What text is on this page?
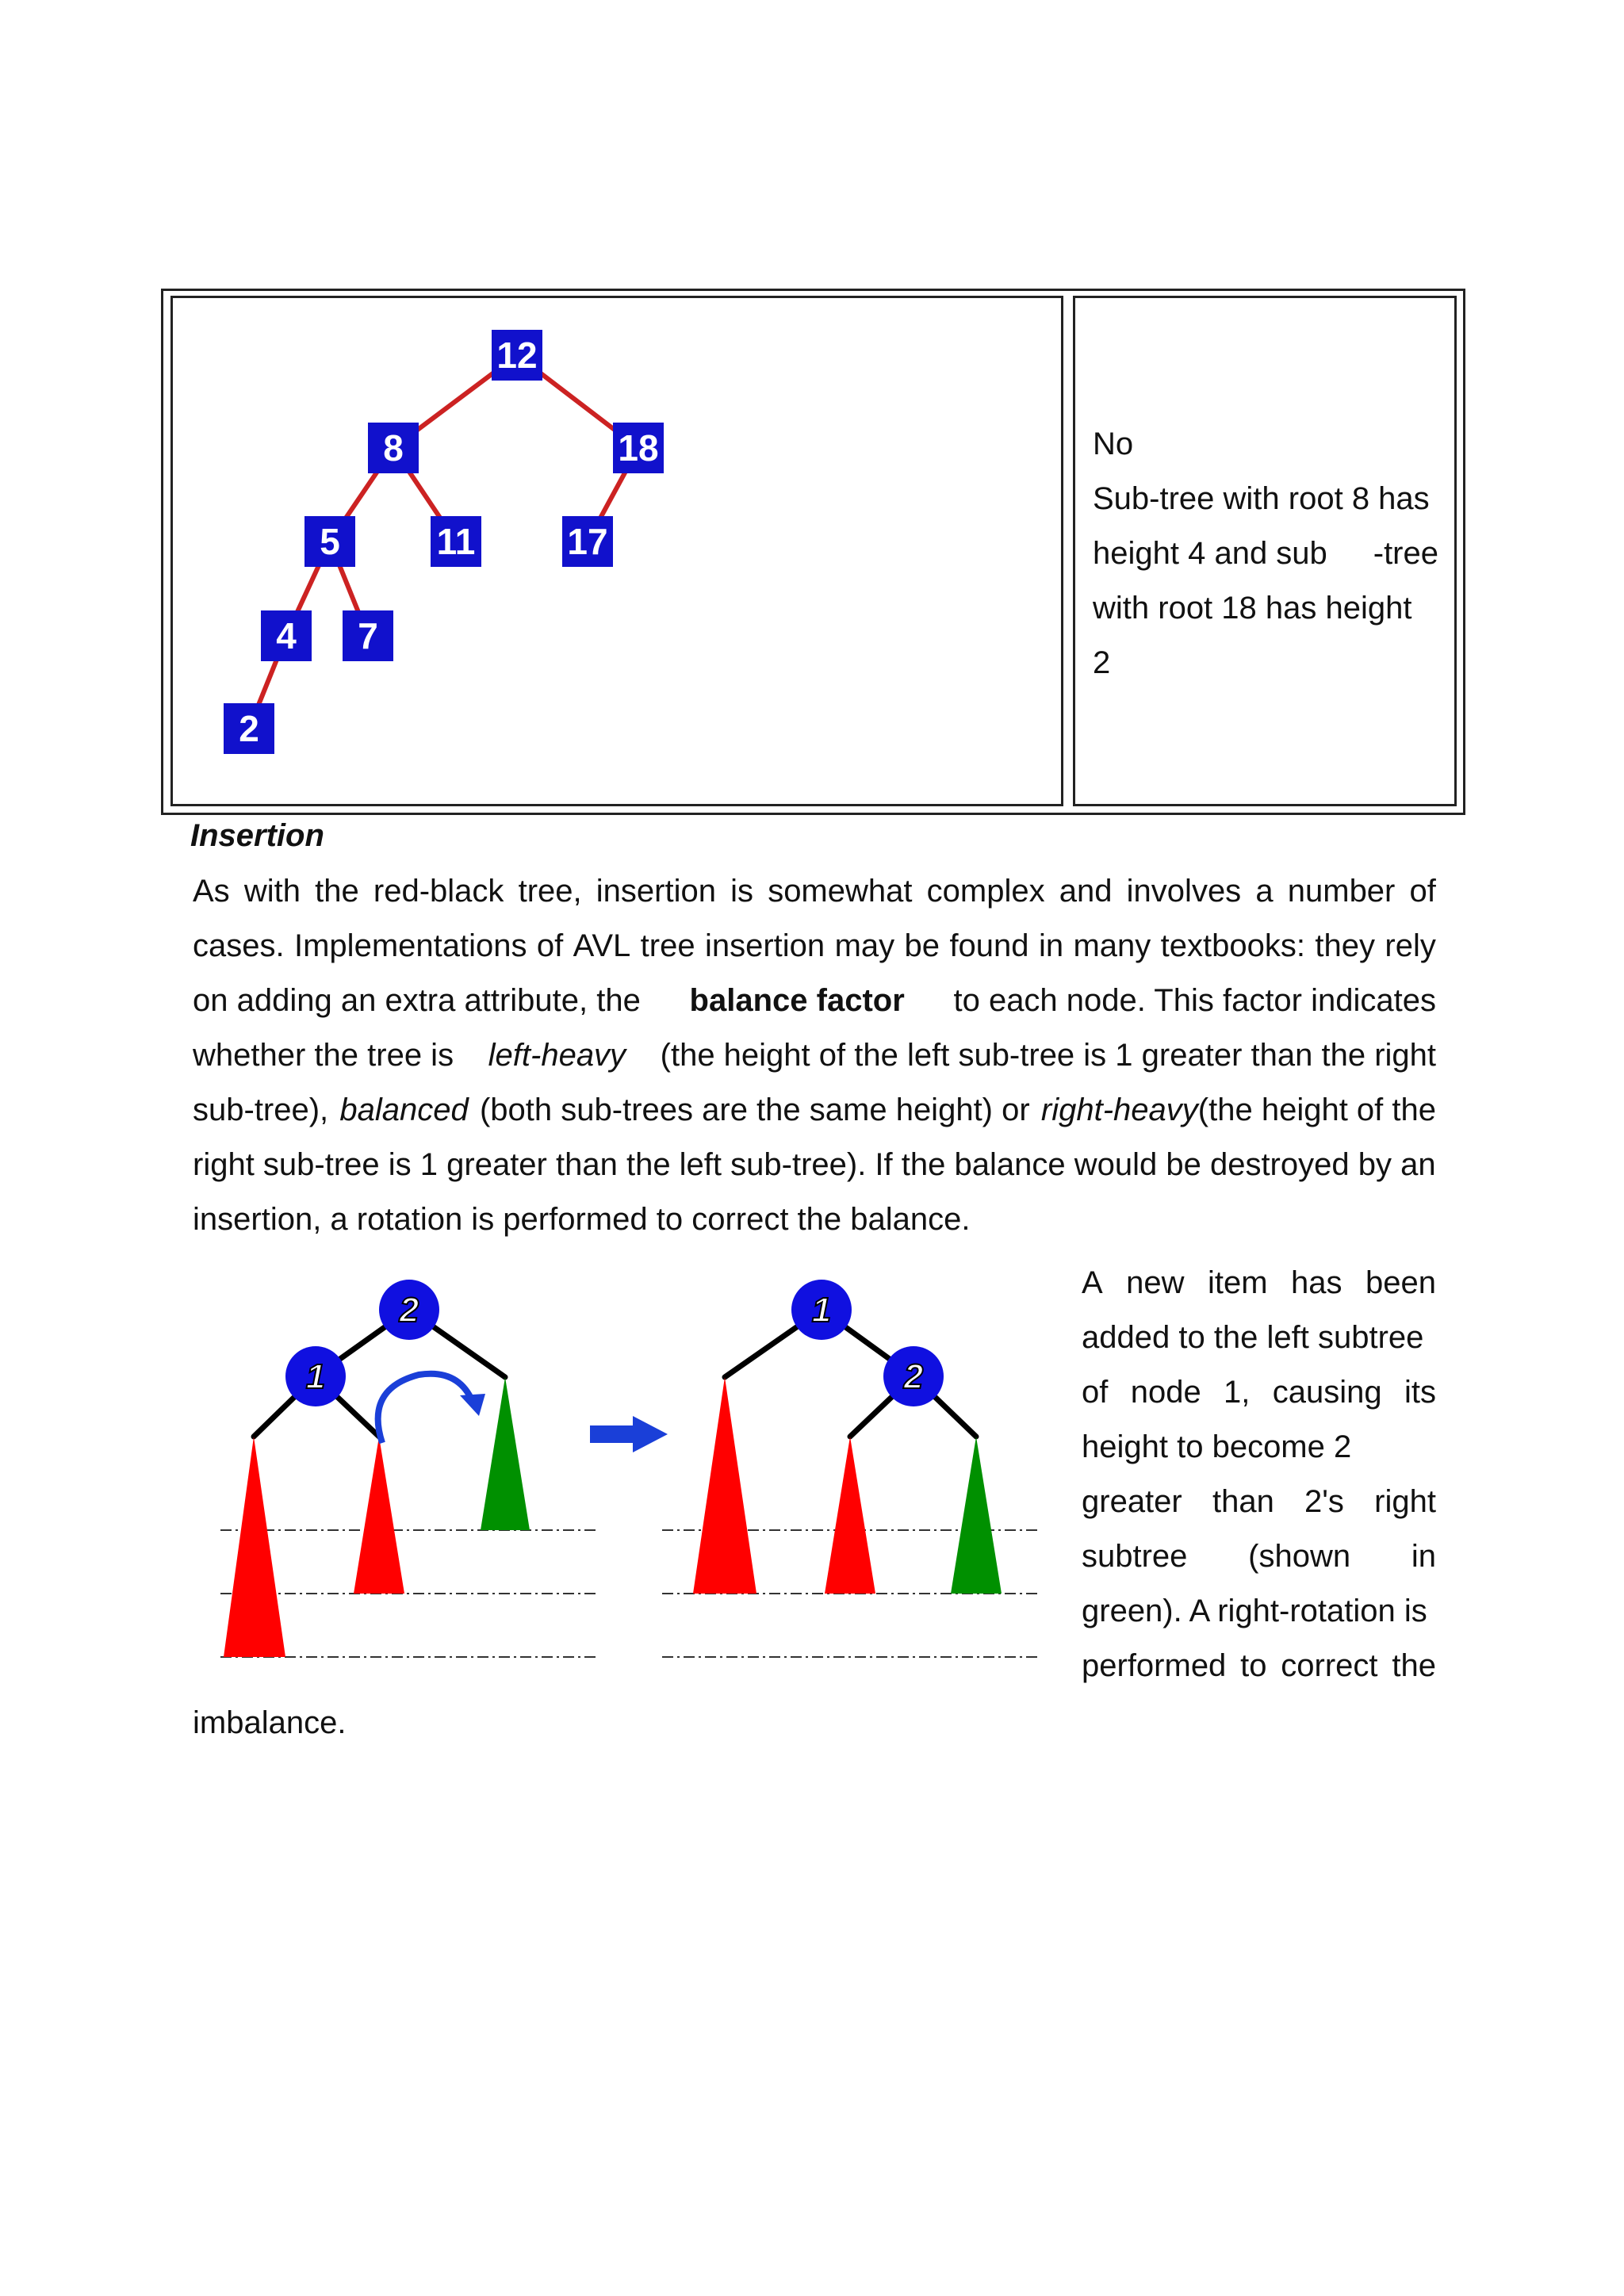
12
8	18
5	11	17
4 7
2
No
Sub-tree with root 8 has
height 4 and sub -tree
with root 18 has height
2
Insertion
As with the red-black tree, insertion is somewhat complex and involves a number of
cases. Implementations of AVL tree insertion may be found in many textbooks: they rely
on adding an extra attribute, the balance factor to each node. This factor indicates
whether the tree is left-heavy (the height of the left sub-tree is 1 greater than the right
sub-tree), balanced (both sub-trees are the same height) or right-heavy(the height of the
right sub-tree is 1 greater than the left sub-tree). If the balance would be destroyed by an
insertion, a rotation is performed to correct the balance.
2
1
1
2
A new item has been
added to the left subtree
of node 1, causing its
height to become 2
greater than 2's right
subtree (shown in
green). A right-rotation is
performed to correct the
imbalance.
